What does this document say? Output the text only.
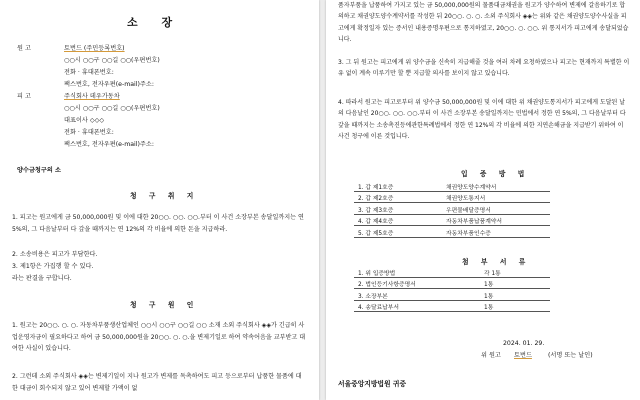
소 장
원 고	토번드 (주민등록번호)
○○시 ○○구 ○○길 ○○(우편번호)
전화 · 휴대폰번호:
팩스번호, 전자우편(e-mail)주소:
피 고	주식회사 데우가동차
○○시 ○○구 ○○길 ○○(우편번호)
대표이사 ◇◇◇
전화 · 휴대폰번호:
팩스번호, 전자우편(e-mail)주소:
양수금청구의 소
청 구 취 지
1. 피고는 원고에게 금 50,000,000원 및 이에 대한 20○○. ○○. ○○.부터 이 사건 소장부본 송달일까지는 연 5%의, 그 다음날부터 다 갚을 때까지는 연 12%의 각 비율에 의한 돈을 지급하라.
2. 소송비용은 피고가 부담한다.
3. 제1항은 가집행 할 수 있다.
라는 판결을 구합니다.
청 구 원 인
1. 원고는 20○○. ○. ○. 자동차부품생산업체인 ○○시 ○○구 ○○길 ○○ 소재 소외 주식회사 ◈◈가 긴급히 사업운영자금이 필요하다고 하여 금 50,000,000원을 20○○. ○. ○.을 변제기일로 하여 약속어음을 교부받고 대여한 사실이 있습니다.
2. 그런데 소외 주식회사 ◈◈는 변제기일이 지나 원고가 변제를 독촉하여도 피고 등으로부터 납품한 물품에 대한 대금이 회수되지 않고 있어 변제할 가액이 없
품자부품을 납품하여 가지고 있는 금 50,000,000원의 물품대금채권을 원고가 양수하여 변제에 갈음하기로 합의하고 채권양도양수계약서를 작성한 뒤 20○○. ○. ○. 소외 주식회사 ◈◈는 위와 같은 채권양도양수사실을 피고에게 확정일자 있는 증서인 내용증명우편으로 통지하였고, 20○○. ○. ○○. 위 통지서가 피고에게 송달되었습니다.
3. 그 뒤 원고는 피고에게 위 양수금을 신속히 지급해줄 것을 여러 차례 요청하였으나 피고는 현재까지 특별한 이유 없이 계속 미루기만 할 뿐 지급할 의사를 보이지 않고 있습니다.
4. 따라서 원고는 피고로부터 위 양수금 50,000,000원 및 이에 대한 위 채권양도통지서가 피고에게 도달된 날의 다음날인 20○○. ○○. ○○.부터 이 사건 소장부본 송달일까지는 민법에서 정한 연 5%의, 그 다음날부터 다 갚을 때까지는 소송촉진등에관한특례법에서 정한 연 12%의 각 비율에 의한 지연손해금을 지급받기 위하여 이 사건 청구에 이른 것입니다.
입 증 방 법
1. 갑 제1호증	채권양도양수계약서
2. 갑 제2호증	채권양도통지서
3. 갑 제3호증	우편물배달증명서
4. 갑 제4호증	자동차부품납품계약서
5. 갑 제5호증	자동차부품인수증
첨 부 서 류
1. 위 입증방법	각 1통
2. 법인등기사항증명서	1통
3. 소장부본	1통
4. 송달료납부서	1통
2024. 01. 29.
위 원고 토번드	(서명 또는 날인)
서울중앙지방법원 귀중
